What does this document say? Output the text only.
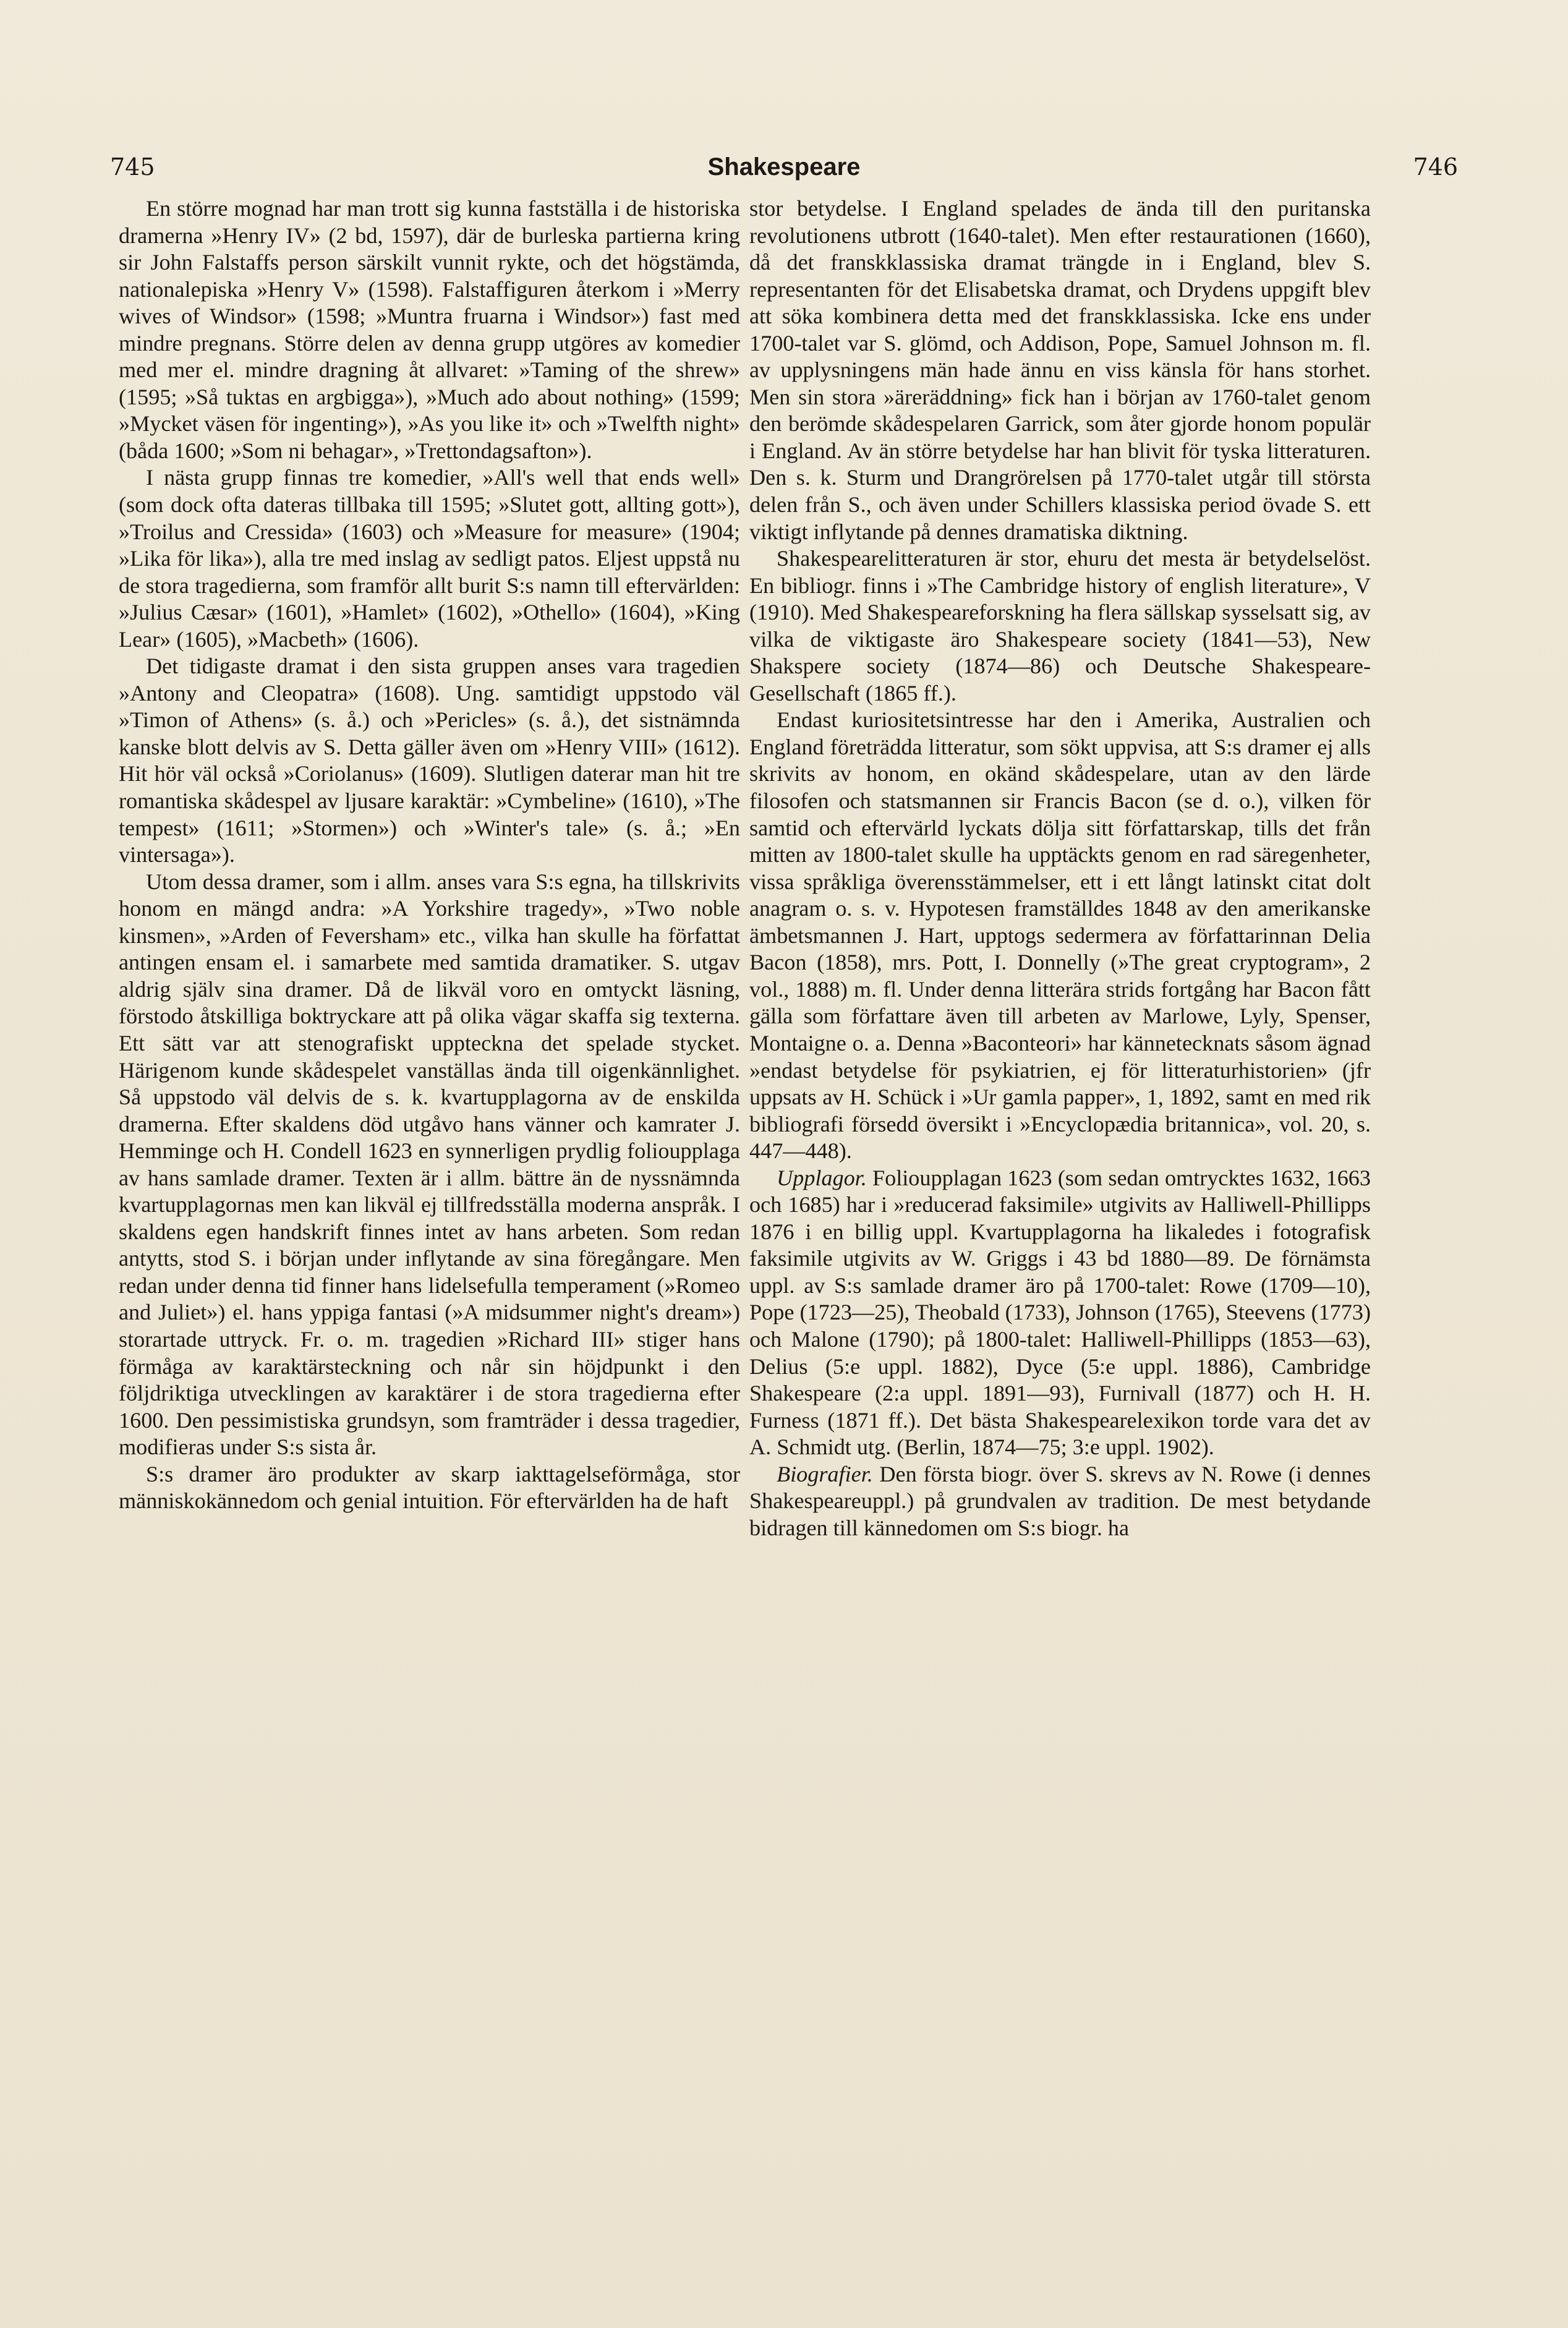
745	Shakespeare	746

En större mognad har man trott sig kunna fastställa i de historiska dramerna »Henry IV» (2 bd, 1597), där de burleska partierna kring sir John Falstaffs person särskilt vunnit rykte, och det högstämda, nationalepiska »Henry V» (1598). Falstaffiguren återkom i »Merry wives of Windsor» (1598; »Muntra fruarna i Windsor») fast med mindre pregnans. Större delen av denna grupp utgöres av komedier med mer el. mindre dragning åt allvaret: »Taming of the shrew» (1595; »Så tuktas en argbigga»), »Much ado about nothing» (1599; »Mycket väsen för ingenting»), »As you like it» och »Twelfth night» (båda 1600; »Som ni behagar», »Trettondagsafton»).

I nästa grupp finnas tre komedier, »All's well that ends well» (som dock ofta dateras tillbaka till 1595; »Slutet gott, allting gott»), »Troilus and Cressida» (1603) och »Measure for measure» (1904; »Lika för lika»), alla tre med inslag av sedligt patos. Eljest uppstå nu de stora tragedierna, som framför allt burit S:s namn till eftervärlden: »Julius Cæsar» (1601), »Hamlet» (1602), »Othello» (1604), »King Lear» (1605), »Macbeth» (1606).

Det tidigaste dramat i den sista gruppen anses vara tragedien »Antony and Cleopatra» (1608). Ung. samtidigt uppstodo väl »Timon of Athens» (s. å.) och »Pericles» (s. å.), det sistnämnda kanske blott delvis av S. Detta gäller även om »Henry VIII» (1612). Hit hör väl också »Coriolanus» (1609). Slutligen daterar man hit tre romantiska skådespel av ljusare karaktär: »Cymbeline» (1610), »The tempest» (1611; »Stormen») och »Winter's tale» (s. å.; »En vintersaga»).

Utom dessa dramer, som i allm. anses vara S:s egna, ha tillskrivits honom en mängd andra: »A Yorkshire tragedy», »Two noble kinsmen», »Arden of Feversham» etc., vilka han skulle ha författat antingen ensam el. i samarbete med samtida dramatiker. S. utgav aldrig själv sina dramer. Då de likväl voro en omtyckt läsning, förstodo åtskilliga boktryckare att på olika vägar skaffa sig texterna. Ett sätt var att stenografiskt uppteckna det spelade stycket. Härigenom kunde skådespelet vanställas ända till oigenkännlighet. Så uppstodo väl delvis de s. k. kvartupplagorna av de enskilda dramerna. Efter skaldens död utgåvo hans vänner och kamrater J. Hemminge och H. Condell 1623 en synnerligen prydlig folioupplaga av hans samlade dramer. Texten är i allm. bättre än de nyssnämnda kvartupplagornas men kan likväl ej tillfredsställa moderna anspråk. I skaldens egen handskrift finnes intet av hans arbeten. Som redan antytts, stod S. i början under inflytande av sina föregångare. Men redan under denna tid finner hans lidelsefulla temperament (»Romeo and Juliet») el. hans yppiga fantasi (»A midsummer night's dream») storartade uttryck. Fr. o. m. tragedien »Richard III» stiger hans förmåga av karaktärsteckning och når sin höjdpunkt i den följdriktiga utvecklingen av karaktärer i de stora tragedierna efter 1600. Den pessimistiska grundsyn, som framträder i dessa tragedier, modifieras under S:s sista år.

S:s dramer äro produkter av skarp iakttagelseförmåga, stor människokännedom och genial intuition. För eftervärlden ha de haft

stor betydelse. I England spelades de ända till den puritanska revolutionens utbrott (1640-talet). Men efter restaurationen (1660), då det franskklassiska dramat trängde in i England, blev S. representanten för det Elisabetska dramat, och Drydens uppgift blev att söka kombinera detta med det franskklassiska. Icke ens under 1700-talet var S. glömd, och Addison, Pope, Samuel Johnson m. fl. av upplysningens män hade ännu en viss känsla för hans storhet. Men sin stora »äreräddning» fick han i början av 1760-talet genom den berömde skådespelaren Garrick, som åter gjorde honom populär i England. Av än större betydelse har han blivit för tyska litteraturen. Den s. k. Sturm und Drangrörelsen på 1770-talet utgår till största delen från S., och även under Schillers klassiska period övade S. ett viktigt inflytande på dennes dramatiska diktning.

Shakespearelitteraturen är stor, ehuru det mesta är betydelselöst. En bibliogr. finns i »The Cambridge history of english literature», V (1910). Med Shakespeareforskning ha flera sällskap sysselsatt sig, av vilka de viktigaste äro Shakespeare society (1841—53), New Shakspere society (1874—86) och Deutsche Shakespeare-Gesellschaft (1865 ff.).

Endast kuriositetsintresse har den i Amerika, Australien och England företrädda litteratur, som sökt uppvisa, att S:s dramer ej alls skrivits av honom, en okänd skådespelare, utan av den lärde filosofen och statsmannen sir Francis Bacon (se d. o.), vilken för samtid och eftervärld lyckats dölja sitt författarskap, tills det från mitten av 1800-talet skulle ha upptäckts genom en rad säregenheter, vissa språkliga överensstämmelser, ett i ett långt latinskt citat dolt anagram o. s. v. Hypotesen framställdes 1848 av den amerikanske ämbetsmannen J. Hart, upptogs sedermera av författarinnan Delia Bacon (1858), mrs. Pott, I. Donnelly (»The great cryptogram», 2 vol., 1888) m. fl. Under denna litterära strids fortgång har Bacon fått gälla som författare även till arbeten av Marlowe, Lyly, Spenser, Montaigne o. a. Denna »Baconteori» har kännetecknats såsom ägnad »endast betydelse för psykiatrien, ej för litteraturhistorien» (jfr uppsats av H. Schück i »Ur gamla papper», 1, 1892, samt en med rik bibliografi försedd översikt i »Encyclopædia britannica», vol. 20, s. 447—448).

Upplagor. Folioupplagan 1623 (som sedan omtrycktes 1632, 1663 och 1685) har i »reducerad faksimile» utgivits av Halliwell-Phillipps 1876 i en billig uppl. Kvartupplagorna ha likaledes i fotografisk faksimile utgivits av W. Griggs i 43 bd 1880—89. De förnämsta uppl. av S:s samlade dramer äro på 1700-talet: Rowe (1709—10), Pope (1723—25), Theobald (1733), Johnson (1765), Steevens (1773) och Malone (1790); på 1800-talet: Halliwell-Phillipps (1853—63), Delius (5:e uppl. 1882), Dyce (5:e uppl. 1886), Cambridge Shakespeare (2:a uppl. 1891—93), Furnivall (1877) och H. H. Furness (1871 ff.). Det bästa Shakespearelexikon torde vara det av A. Schmidt utg. (Berlin, 1874—75; 3:e uppl. 1902).

Biografier. Den första biogr. över S. skrevs av N. Rowe (i dennes Shakespeareuppl.) på grundvalen av tradition. De mest betydande bidragen till kännedomen om S:s biogr. ha
